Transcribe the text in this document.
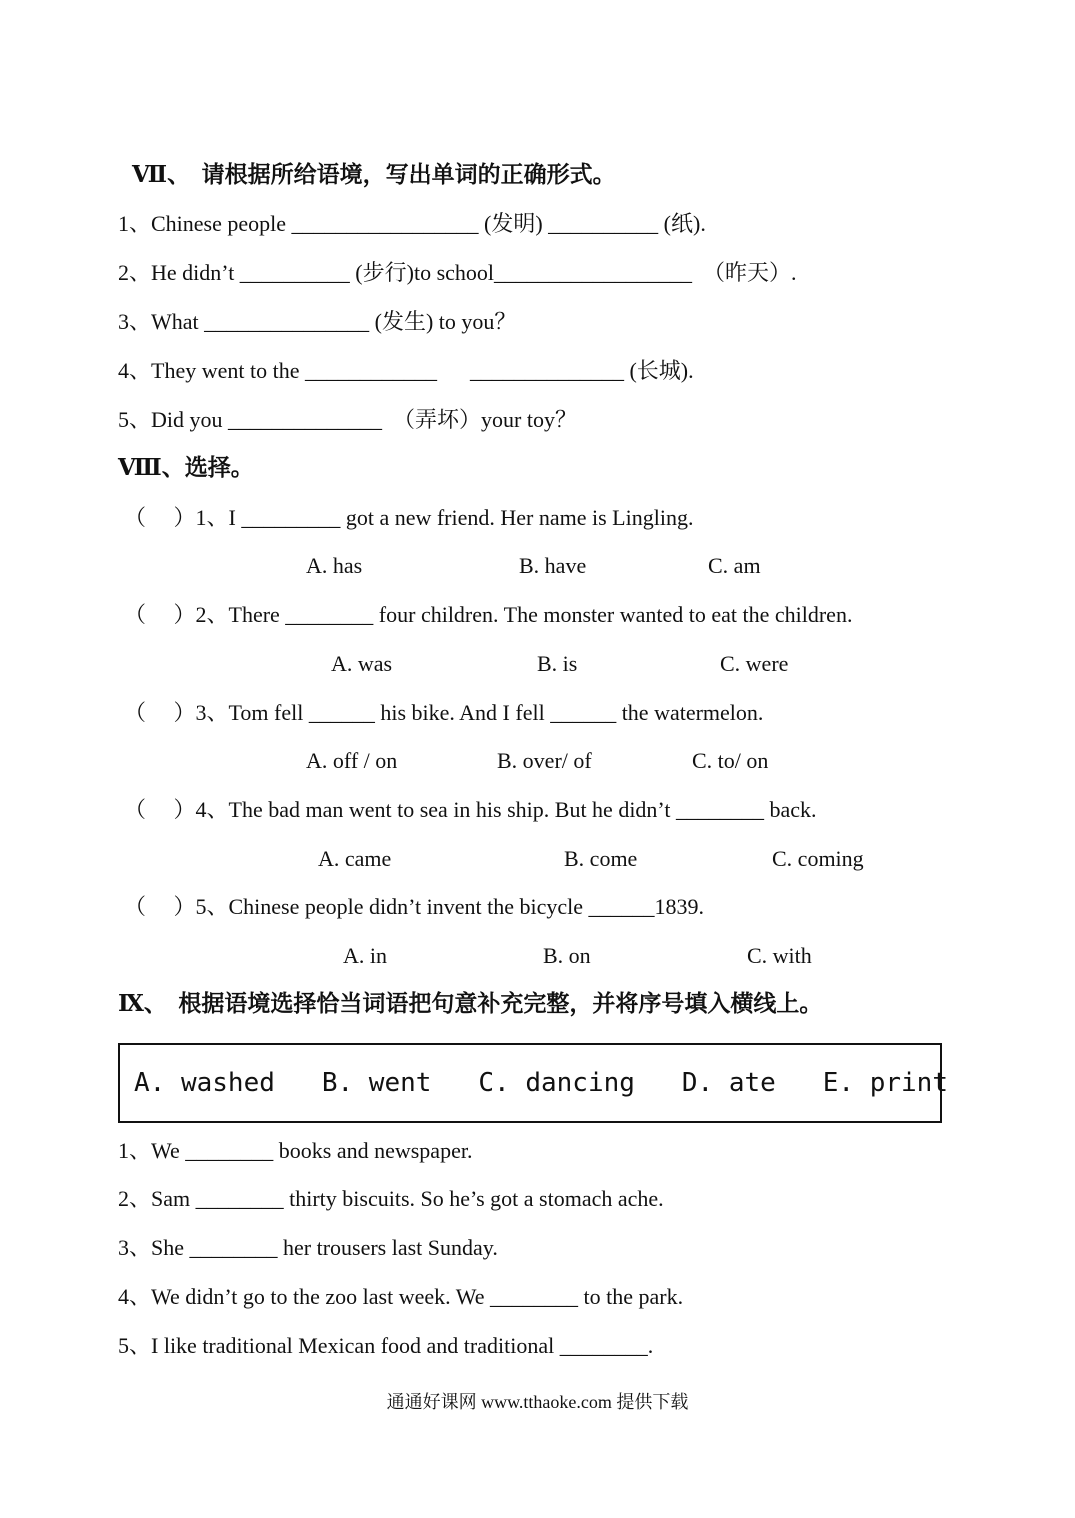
Ⅶ、  请根据所给语境，写出单词的正确形式。
1、Chinese people _________________ (发明) __________ (纸).
2、He didn’t __________ (步行)to school__________________  （昨天）.
3、What _______________ (发生) to you？
4、They went to the ____________      ______________ (长城).
5、Did you ______________  （弄坏）your toy？
Ⅷ、选择。
（     ）1、I _________ got a new friend. Her name is Lingling.
A. has	B. have	C. am
（     ）2、There ________ four children. The monster wanted to eat the children.
A. was	B. is	C. were
（     ）3、Tom fell ______ his bike. And I fell ______ the watermelon.
A. off / on	B. over/ of	C. to/ on
（     ）4、The bad man went to sea in his ship. But he didn’t ________ back.
A. came	B. come	C. coming
（     ）5、Chinese people didn’t invent the bicycle ______1839.
A. in	B. on	C. with
Ⅸ、  根据语境选择恰当词语把句意补充完整，并将序号填入横线上。
A. washed   B. went   C. dancing   D. ate   E. print
1、We ________ books and newspaper.
2、Sam ________ thirty biscuits. So he’s got a stomach ache.
3、She ________ her trousers last Sunday.
4、We didn’t go to the zoo last week. We ________ to the park.
5、I like traditional Mexican food and traditional ________.
通通好课网 www.tthaoke.com 提供下载
